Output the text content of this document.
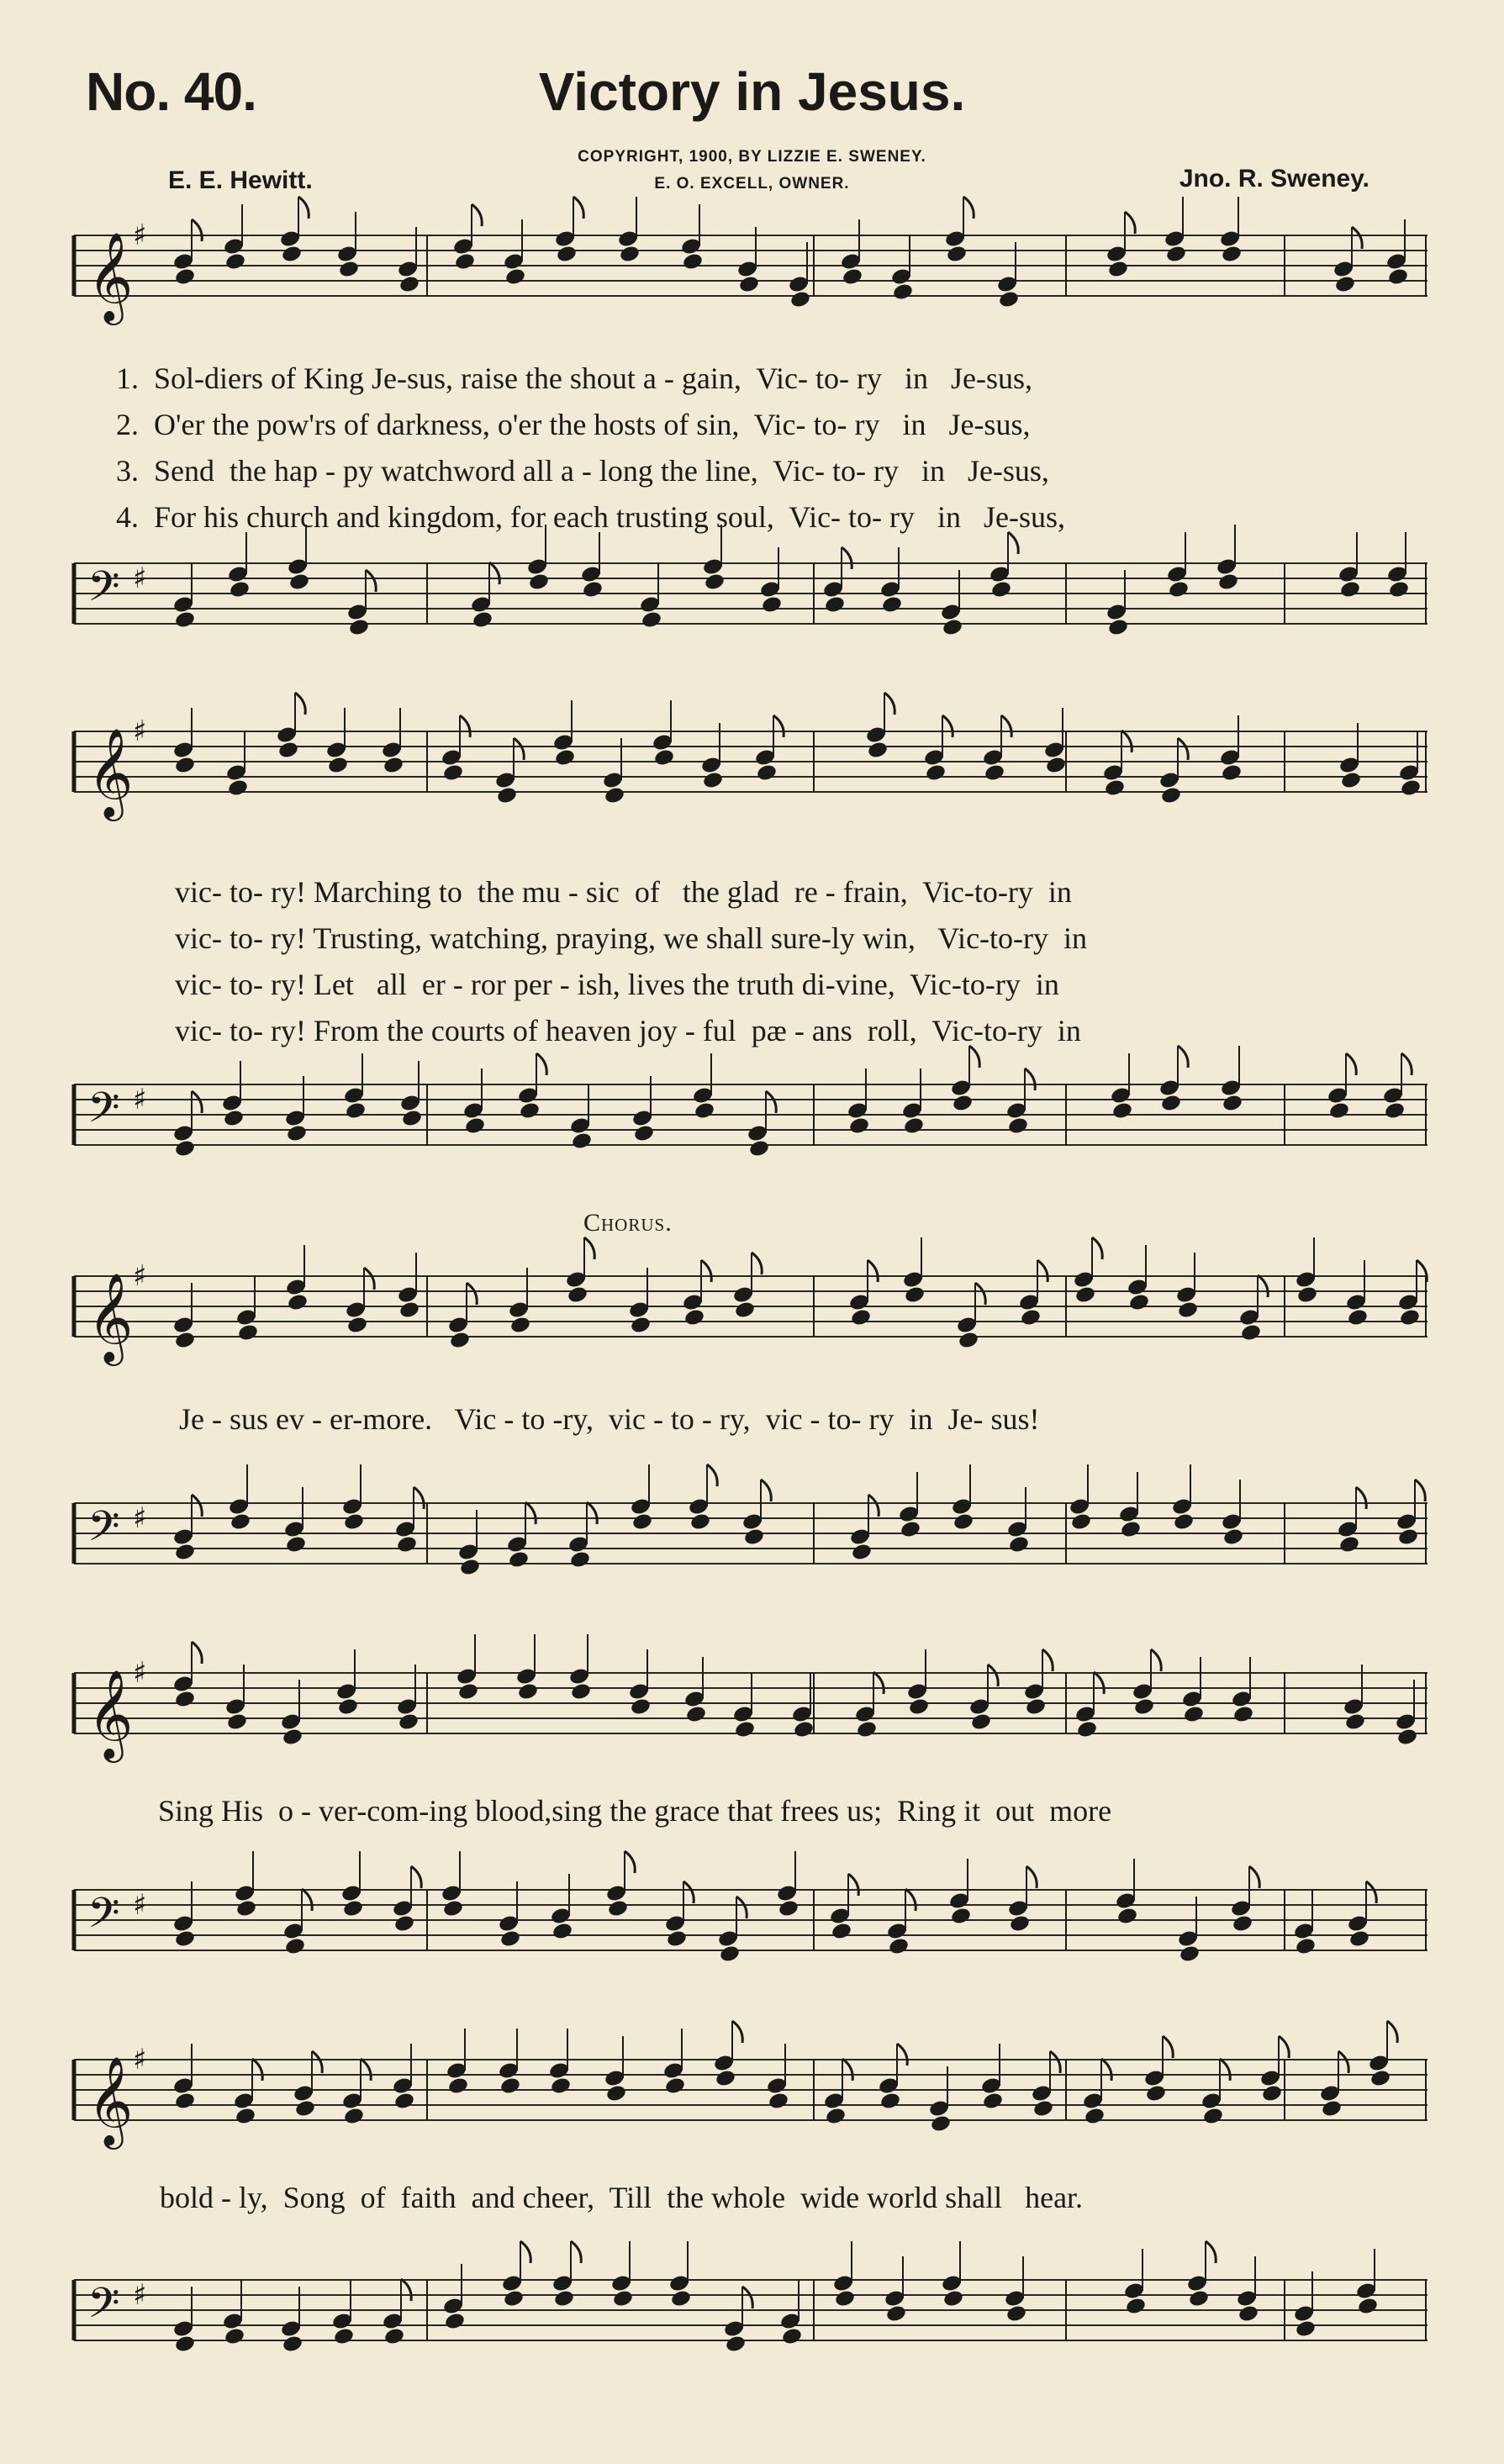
No. 40.	Victory in Jesus.
COPYRIGHT, 1900, BY LIZZIE E. SWENEY.
E. O. EXCELL, OWNER.
E. E. Hewitt.	Jno. R. Sweney.
𝄞 ♯
1.  Sol-diers of King Je-sus, raise the shout a - gain,  Vic- to- ry   in   Je-sus,
2.  O'er the pow'rs of darkness, o'er the hosts of sin,  Vic- to- ry   in   Je-sus,
3.  Send  the hap - py watchword all a - long the line,  Vic- to- ry   in   Je-sus,
4.  For his church and kingdom, for each trusting soul,  Vic- to- ry   in   Je-sus,
𝄢 ♯
𝄞 ♯
vic- to- ry! Marching to  the mu - sic  of   the glad  re - frain,  Vic-to-ry  in
vic- to- ry! Trusting, watching, praying, we shall sure-ly win,   Vic-to-ry  in
vic- to- ry! Let   all  er - ror per - ish, lives the truth di-vine,  Vic-to-ry  in
vic- to- ry! From the courts of heaven joy - ful  pæ - ans  roll,  Vic-to-ry  in
𝄢 ♯
Chorus.
𝄞 ♯
Je - sus ev - er-more.   Vic - to -ry,  vic - to - ry,  vic - to- ry  in  Je- sus!
𝄢 ♯
𝄞 ♯
Sing His  o - ver-com-ing blood,sing the grace that frees us;  Ring it  out  more
𝄢 ♯
𝄞 ♯
bold - ly,  Song  of  faith  and cheer,  Till  the whole  wide world shall   hear.
𝄢 ♯
